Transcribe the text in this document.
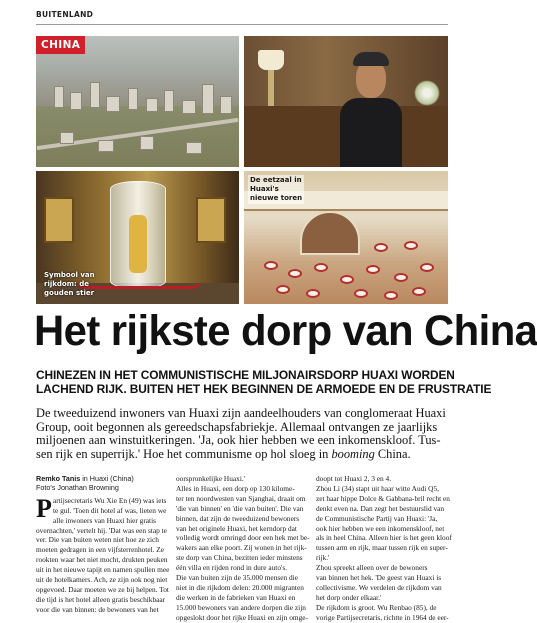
BUITENLAND
CHINA
Symbool van
rijkdom: de
gouden stier
De eetzaal in
Huaxi's
nieuwe toren
Het rijkste dorp van China
CHINEZEN IN HET COMMUNISTISCHE MILJONAIRSDORP HUAXI WORDEN
LACHEND RIJK. BUITEN HET HEK BEGINNEN DE ARMOEDE EN DE FRUSTRATIE
De tweeduizend inwoners van Huaxi zijn aandeelhouders van conglomeraat Huaxi
Group, ooit begonnen als gereedschapsfabriekje. Allemaal ontvangen ze jaarlijks
miljoenen aan winstuitkeringen. 'Ja, ook hier hebben we een inkomenskloof. Tus-
sen rijk en superrijk.' Hoe het communisme op hol sloeg in booming China.
Remko Tanis in Huaxi (China)
Foto's Jonathan Browning
P artijsecretaris Wu Xie En (49) was iets
te gul. 'Toen dit hotel af was, lieten we
alle inwoners van Huaxi hier gratis
overnachten,' vertelt hij. 'Dat was een stap te
ver. Die van buiten weten niet hoe ze zich
moeten gedragen in een vijfsterrenhotel. Ze
rookten waar het niet mocht, drukten peuken
uit in het nieuwe tapijt en namen spullen mee
uit de hotelkamers. Ach, ze zijn ook nog niet
opgevoed. Daar moeten we ze bij helpen. Tot
die tijd is het hotel alleen gratis beschikbaar
voor die van binnen: de bewoners van het
oorspronkelijke Huaxi.'
Alles in Huaxi, een dorp op 130 kilome-
ter ten noordwesten van Sjanghai, draait om
'die van binnen' en 'die van buiten'. Die van
binnen, dat zijn de tweeduizend bewoners
van het originele Huaxi, het kerndorp dat
volledig wordt omringd door een hek met be-
wakers aan elke poort. Zij wonen in het rijk-
ste dorp van China, bezitten ieder minstens
één villa en rijden rond in dure auto's.
Die van buiten zijn de 35.000 mensen die
niet in die rijkdom delen: 20.000 migranten
die werken in de fabrieken van Huaxi en
15.000 bewoners van andere dorpen die zijn
opgeslokt door het rijke Huaxi en zijn omge-
doopt tot Huaxi 2, 3 en 4.
Zhou Li (34) stapt uit haar witte Audi Q5,
zet haar hippe Dolce & Gabbana-bril recht en
denkt even na. Dan zegt het bestuurslid van
de Communistische Partij van Huaxi: 'Ja,
ook hier hebben we een inkomenskloof, net
als in heel China. Alleen hier is het geen kloof
tussen arm en rijk, maar tussen rijk en super-
rijk.'
Zhou spreekt alleen over de bewoners
van binnen het hek. 'De geest van Huaxi is
collectivisme. We verdelen de rijkdom van
het dorp onder elkaar.'
De rijkdom is groot. Wu Renbao (85), de
vorige Partijsecretaris, richtte in 1964 de eer-
